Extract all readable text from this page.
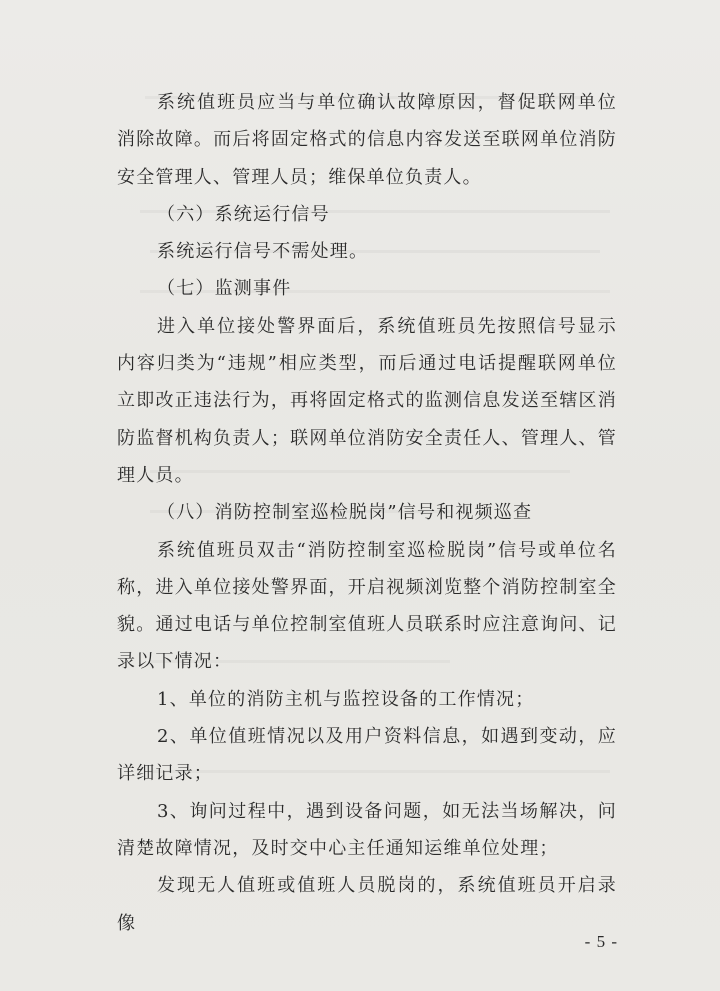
系统值班员应当与单位确认故障原因，督促联网单位消除故障。而后将固定格式的信息内容发送至联网单位消防安全管理人、管理人员；维保单位负责人。

（六）系统运行信号

系统运行信号不需处理。

（七）监测事件

进入单位接处警界面后，系统值班员先按照信号显示内容归类为“违规”相应类型，而后通过电话提醒联网单位立即改正违法行为，再将固定格式的监测信息发送至辖区消防监督机构负责人；联网单位消防安全责任人、管理人、管理人员。

（八）消防控制室巡检脱岗”信号和视频巡查

系统值班员双击“消防控制室巡检脱岗”信号或单位名称，进入单位接处警界面，开启视频浏览整个消防控制室全貌。通过电话与单位控制室值班人员联系时应注意询问、记录以下情况：

1、单位的消防主机与监控设备的工作情况；

2、单位值班情况以及用户资料信息，如遇到变动，应详细记录；

3、询问过程中，遇到设备问题，如无法当场解决，问清楚故障情况，及时交中心主任通知运维单位处理；

发现无人值班或值班人员脱岗的，系统值班员开启录像

- 5 -
